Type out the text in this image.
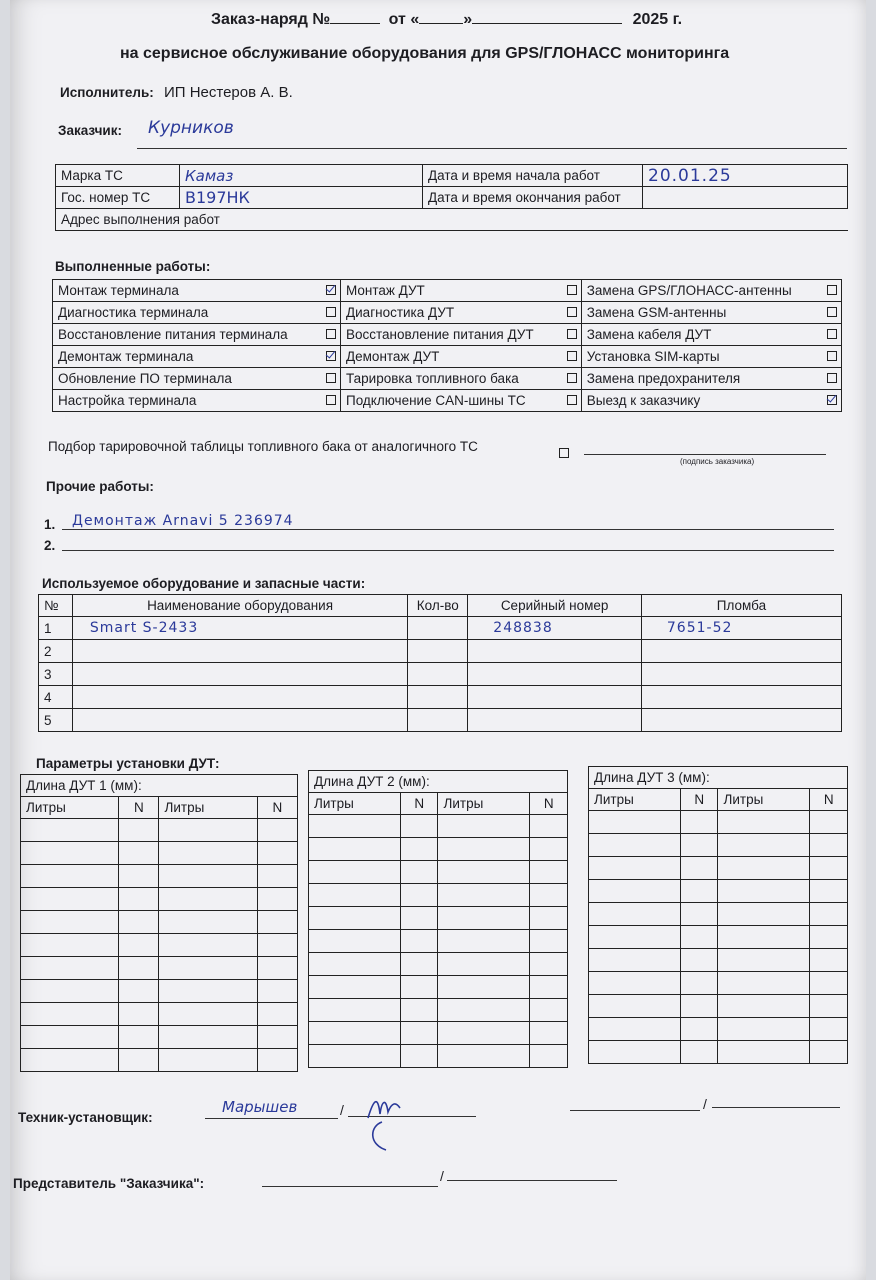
Заказ-наряд №	от «	»	2025 г.
на сервисное обслуживание оборудования для GPS/ГЛОНАСС мониторинга
Исполнитель: ИП Нестеров А. В.
Заказчик: Курников
Марка ТС	Камаз	Дата и время начала работ	20.01.25
Гос. номер ТС	В197НК	Дата и время окончания работ	
Адрес выполнения работ			
Выполненные работы:
Монтаж терминала		Монтаж ДУТ		Замена GPS/ГЛОНАСС-антенны	
Диагностика терминала		Диагностика ДУТ		Замена GSM-антенны	
Восстановление питания терминала		Восстановление питания ДУТ		Замена кабеля ДУТ	
Демонтаж терминала		Демонтаж ДУТ		Установка SIM-карты	
Обновление ПО терминала		Тарировка топливного бака		Замена предохранителя	
Настройка терминала		Подключение CAN-шины ТС		Выезд к заказчику	
Подбор тарировочной таблицы топливного бака от аналогичного ТС
(подпись заказчика)
Прочие работы:
1. Демонтаж Arnavi 5 236974
2.
Используемое оборудование и запасные части:
№	Наименование оборудования	Кол-во	Серийный номер	Пломба
1	Smart S-2433		248838	7651-52
2				
3				
4				
5				
Параметры установки ДУТ:
Длина ДУТ 1 (мм):			
Литры	N	Литры	N

Длина ДУТ 2 (мм):			
Литры	N	Литры	N

Длина ДУТ 3 (мм):			
Литры	N	Литры	N

Техник-установщик:
Марышев	/	/
Представитель "Заказчика":	/
